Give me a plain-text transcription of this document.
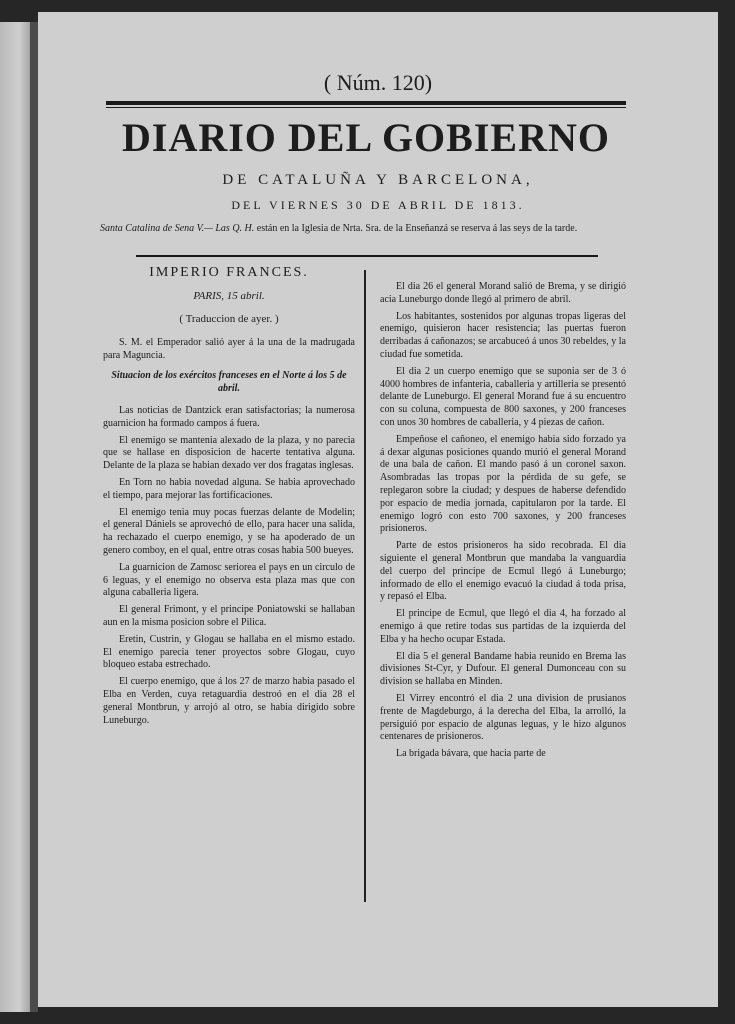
( Núm. 120)
DIARIO DEL GOBIERNO
DE CATALUÑA Y BARCELONA,
DEL VIERNES 30 DE ABRIL DE 1813.
Santa Catalina de Sena V.— Las Q. H. están en la Iglesia de Nrta. Sra. de la Enseñanzá se reserva á las seys de la tarde.
IMPERIO FRANCES.
PARIS, 15 abril.
( Traduccion de ayer. )

S. M. el Emperador salió ayer á la una de la madrugada para Maguncia.

Situacion de los exércitos franceses en el Norte á los 5 de abril.

Las noticias de Dantzick eran satisfactorias; la numerosa guarnicion ha formado campos á fuera.

El enemigo se mantenia alexado de la plaza, y no parecia que se hallase en disposicion de hacerte tentativa alguna. Delante de la plaza se habian dexado ver dos fragatas inglesas.

En Torn no habia novedad alguna. Se habia aprovechado el tiempo, para mejorar las fortificaciones.

El enemigo tenia muy pocas fuerzas delante de Modelin; el general Dániels se aprovechó de ello, para hacer una salida, ha rechazado el cuerpo enemigo, y se ha apoderado de un genero comboy, en el qual, entre otras cosas habia 500 bueyes.

La guarnicion de Zamosc seriorea el pays en un circulo de 6 leguas, y el enemigo no observa esta plaza mas que con alguna caballeria ligera.

El general Frimont, y el principe Poniatowski se hallaban aun en la misma posicion sobre el Pilica.

Eretin, Custrin, y Glogau se hallaba en el mismo estado. El enemigo parecia tener proyectos sobre Glogau, cuyo bloqueo estaba estrechado.

El cuerpo enemigo, que á los 27 de marzo habia pasado el Elba en Verden, cuya retaguardia destroó en el dia 28 el general Montbrun, y arrojó al otro, se habia dirigido sobre Luneburgo.

El dia 26 el general Morand salió de Brema, y se dirigió acia Luneburgo donde llegó al primero de abril.

Los habitantes, sostenidos por algunas tropas ligeras del enemigo, quisieron hacer resistencia; las puertas fueron derribadas á cañonazos; se arcabuceó á unos 30 rebeldes, y la ciudad fue sometida.

El dia 2 un cuerpo enemigo que se suponia ser de 3 ó 4000 hombres de infanteria, caballeria y artilleria se presentó delante de Luneburgo. El general Morand fue á su encuentro con su coluna, compuesta de 800 saxones, y 200 franceses con unos 30 hombres de caballeria, y 4 piezas de cañon.

Empeñose el cañoneo, el enemigo habia sido forzado ya á dexar algunas posiciones quando murió el general Morand de una bala de cañon. El mando pasó á un coronel saxon. Asombradas las tropas por la pérdida de su gefe, se replegaron sobre la ciudad; y despues de haberse defendido por espacio de media jornada, capitularon por la tarde. El enemigo logró con esto 700 saxones, y 200 franceses prisioneros.

Parte de estos prisioneros ha sido recobrada. El dia siguiente el general Montbrun que mandaba la vanguardia del cuerpo del principe de Ecmul llegó á Luneburgo; informado de ello el enemigo evacuó la ciudad á toda prisa, y repasó el Elba.

El principe de Ecmul, que llegó el dia 4, ha forzado al enemigo á que retire todas sus partidas de la izquierda del Elba y ha hecho ocupar Estada.

El dia 5 el general Bandame habia reunido en Brema las divisiones St-Cyr, y Dufour. El general Dumonceau con su division se hallaba en Minden.

El Virrey encontró el dia 2 una division de prusianos frente de Magdeburgo, á la derecha del Elba, la arrolló, la persiguió por espacio de algunas leguas, y le hizo algunos centenares de prisioneros.

La brigada bávara, que hacia parte de
